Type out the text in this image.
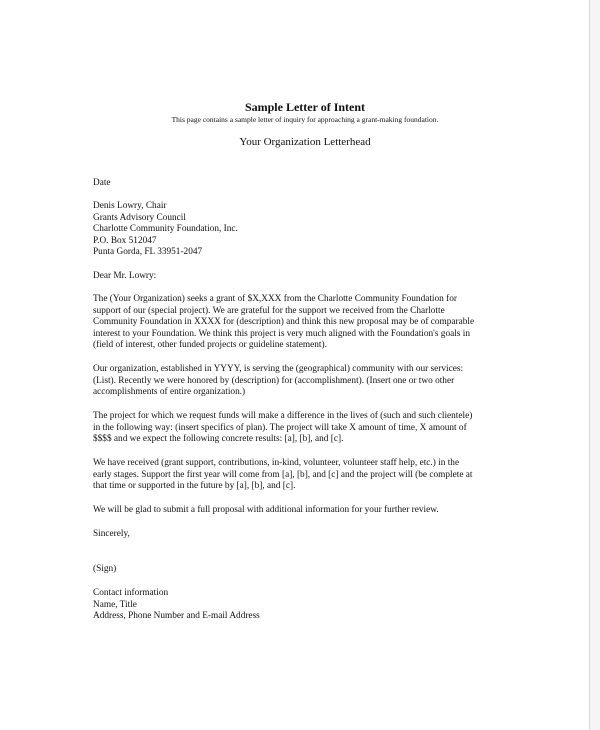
Sample Letter of Intent
This page contains a sample letter of inquiry for approaching a grant-making foundation.
Your Organization Letterhead
Date
Denis Lowry, Chair
Grants Advisory Council
Charlotte Community Foundation, Inc.
P.O. Box 512047
Punta Gorda, FL 33951-2047
Dear Mr. Lowry:
The (Your Organization) seeks a grant of $X,XXX from the Charlotte Community Foundation for
support of our (special project). We are grateful for the support we received from the Charlotte
Community Foundation in XXXX for (description) and think this new proposal may be of comparable
interest to your Foundation. We think this project is very much aligned with the Foundation's goals in
(field of interest, other funded projects or guideline statement).
Our organization, established in YYYY, is serving the (geographical) community with our services:
(List). Recently we were honored by (description) for (accomplishment). (Insert one or two other
accomplishments of entire organization.)
The project for which we request funds will make a difference in the lives of (such and such clientele)
in the following way: (insert specifics of plan). The project will take X amount of time, X amount of
$$$$ and we expect the following concrete results: [a], [b], and [c].
We have received (grant support, contributions, in-kind, volunteer, volunteer staff help, etc.) in the
early stages. Support the first year will come from [a], [b], and [c] and the project will (be complete at
that time or supported in the future by [a], [b], and [c].
We will be glad to submit a full proposal with additional information for your further review.
Sincerely,
(Sign)
Contact information
Name, Title
Address, Phone Number and E-mail Address
